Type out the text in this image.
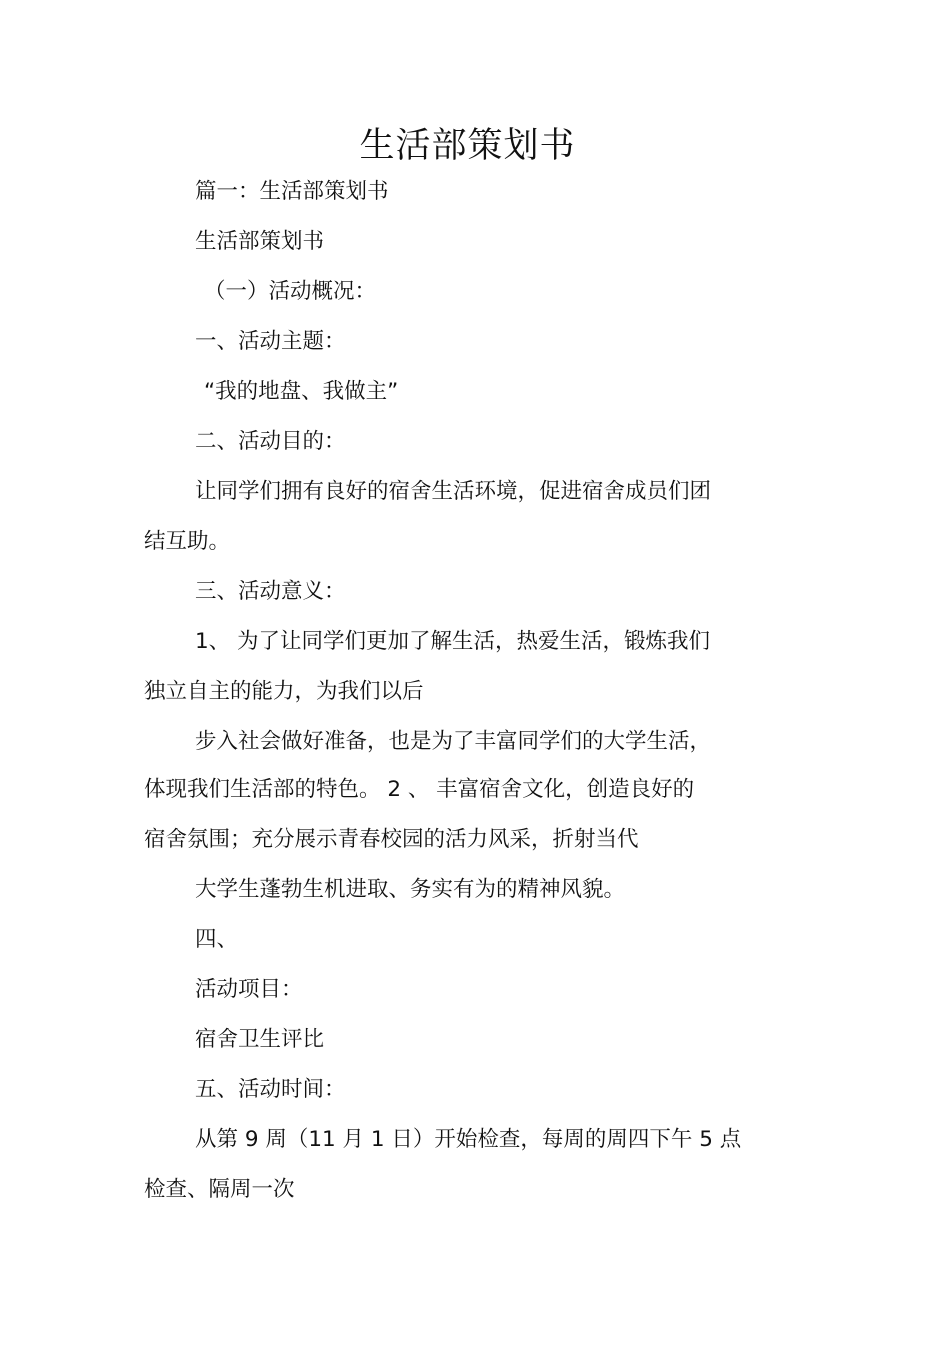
生活部策划书
篇一：生活部策划书
生活部策划书
（一）活动概况：
一、活动主题：
“我的地盘、我做主”
二、活动目的：
让同学们拥有良好的宿舍生活环境，促进宿舍成员们团
结互助。
三、活动意义：
1、 为了让同学们更加了解生活，热爱生活，锻炼我们
独立自主的能力，为我们以后
步入社会做好准备，也是为了丰富同学们的大学生活，
体现我们生活部的特色。 2 、 丰富宿舍文化，创造良好的
宿舍氛围；充分展示青春校园的活力风采，折射当代
大学生蓬勃生机进取、务实有为的精神风貌。
四、
活动项目：
宿舍卫生评比
五、活动时间：
从第 9 周（11 月 1 日）开始检查，每周的周四下午 5 点
检查、隔周一次
